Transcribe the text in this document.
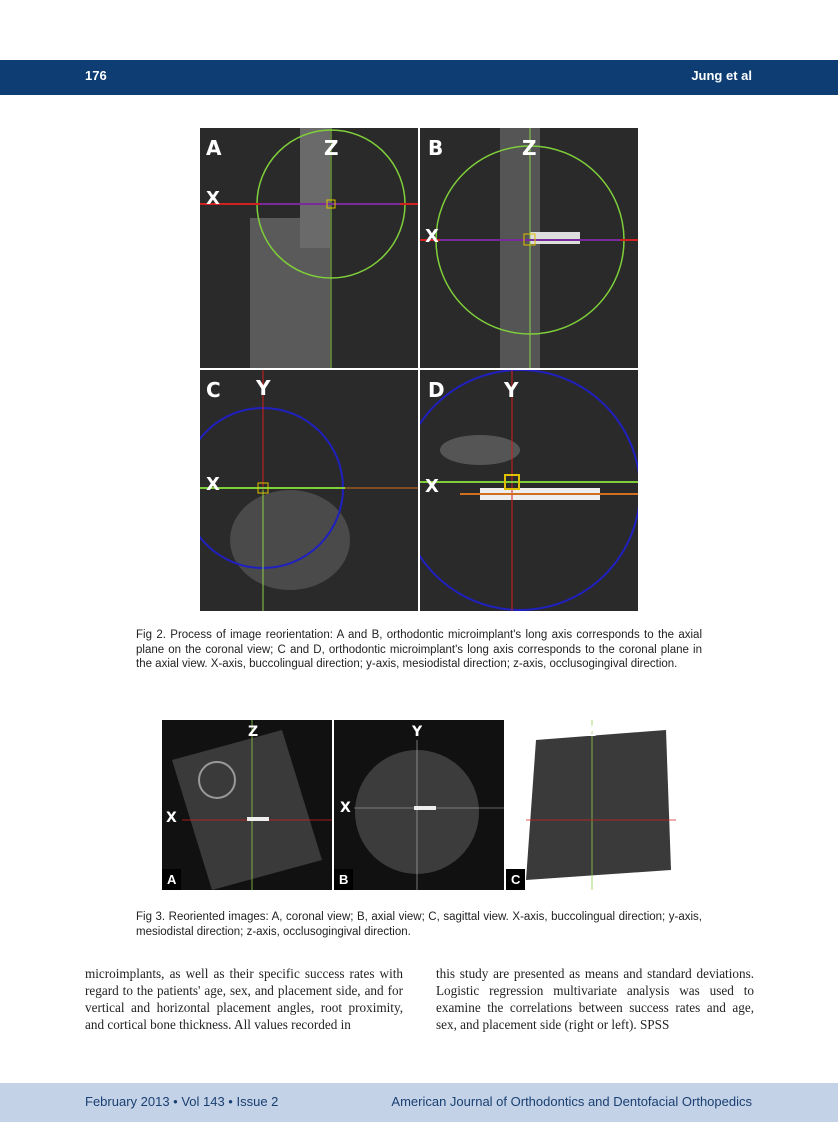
176	Jung et al
A	Z
X
B	Z
X
C Y
X
D	Y
X
Fig 2. Process of image reorientation: A and B, orthodontic microimplant's long axis corresponds to the axial plane on the coronal view; C and D, orthodontic microimplant's long axis corresponds to the coronal plane in the axial view. X-axis, buccolingual direction; y-axis, mesiodistal direction; z-axis, occlusogingival direction.
Z
X
A
Y
X
B
Z
Y
C
Fig 3. Reoriented images: A, coronal view; B, axial view; C, sagittal view. X-axis, buccolingual direction; y-axis, mesiodistal direction; z-axis, occlusogingival direction.
microimplants, as well as their specific success rates with regard to the patients' age, sex, and placement side, and for vertical and horizontal placement angles, root proximity, and cortical bone thickness. All values recorded in
this study are presented as means and standard deviations. Logistic regression multivariate analysis was used to examine the correlations between success rates and age, sex, and placement side (right or left). SPSS
February 2013 • Vol 143 • Issue 2	American Journal of Orthodontics and Dentofacial Orthopedics
